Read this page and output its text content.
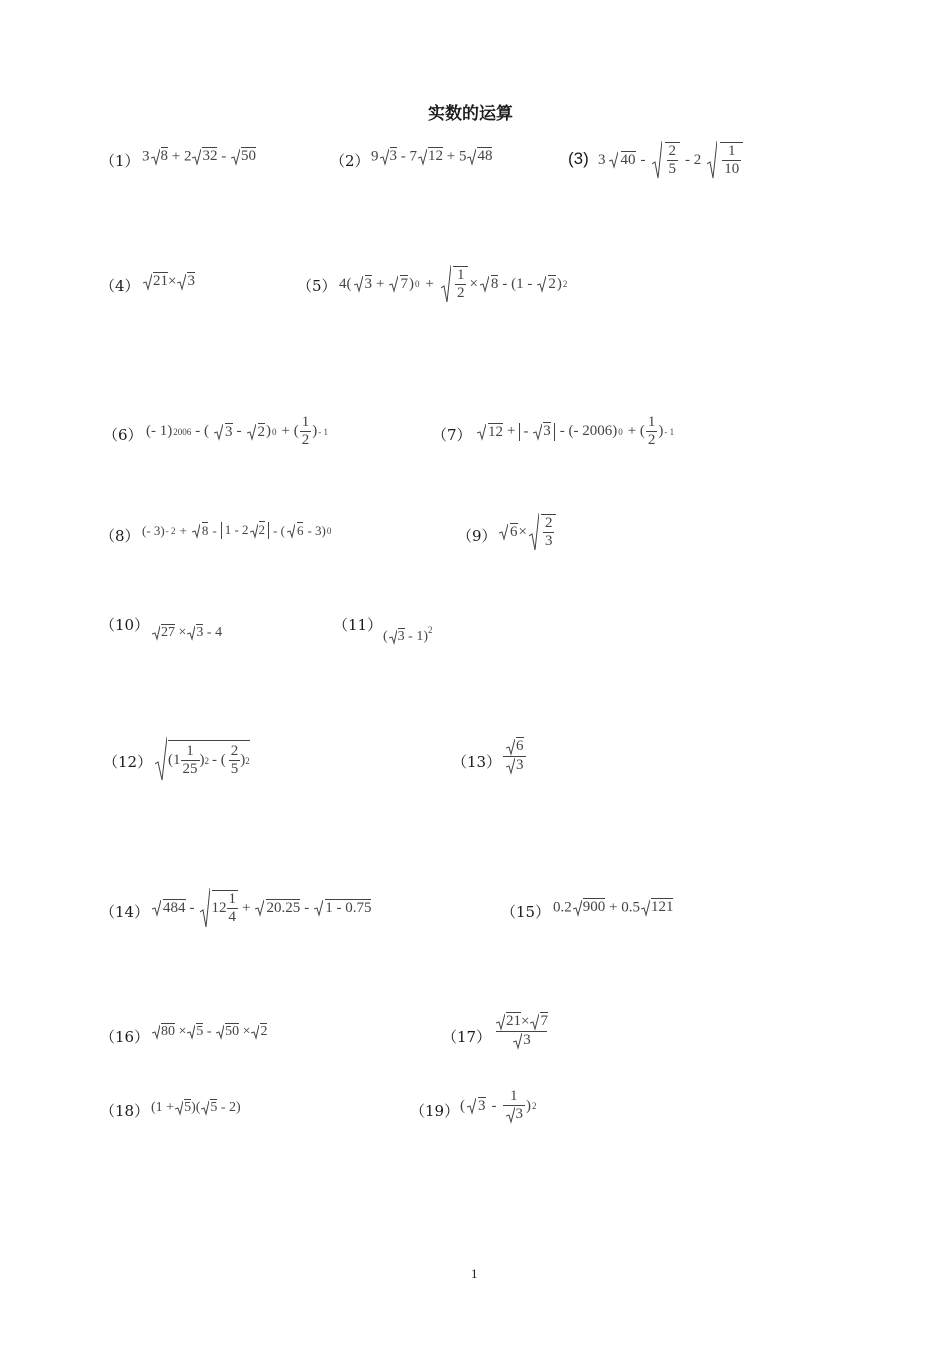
实数的运算
（1） 3 8 + 2 32 - 50	（2） 9 3 - 7 12 + 5 48	(3) 3 40 -
2
5
- 2
1
10
（4） 21× 3	（5） 4( 3 + 7 ) $0 + \frac{1}{2} \times 8 - (1 - 2$ ) 2
（6） (- 1) 2006 - ( 3 - 2 ) 0 + (
1
2
) - 1	（7） 12 + - 3 - (- 2006) 0 + (
1
2
) - 1
（8） (- 3) - 2 + 8 - 1 - 2 2 - ( 6 - 3) 0	（9） 6 ×
2
3
（10） 27 × 3 - 4	（11）
( 3 - 1)$^2$
（12） (1
1
25
) 2 - (
2
5
) 2	（13）
6
3
（14） 484 - 12
1
4
+ 20.25 - 1 - 0.75	（15） 0.2 900 + 0.5 121
（16） 80 × 5 - 50 × 2	（17）
21× 7
3
（18） (1 + 5)( 5 - 2)	（19） ( 3 -
1
3
) 2
1
